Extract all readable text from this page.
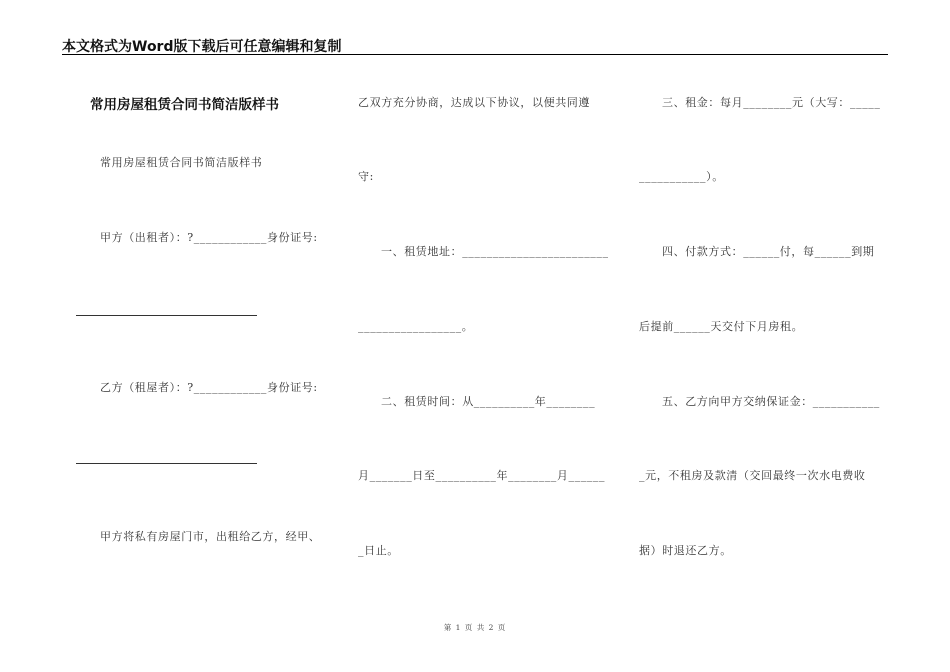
本文格式为Word版下载后可任意编辑和复制
常用房屋租赁合同书简洁版样书
常用房屋租赁合同书简洁版样书
甲方（出租者）：?____________身份证号:
乙方（租屋者）：?____________身份证号:
甲方将私有房屋门市，出租给乙方，经甲、
乙双方充分协商，达成以下协议，以便共同遵
守:
一、租赁地址：________________________
_________________。
二、租赁时间：从__________年________
月_______日至__________年________月______
_日止。
三、租金：每月________元（大写：_____
___________）。
四、付款方式：______付，每______到期
后提前______天交付下月房租。
五、乙方向甲方交纳保证金：___________
_元，不租房及款清（交回最终一次水电费收
据）时退还乙方。
第 1 页 共 2 页
